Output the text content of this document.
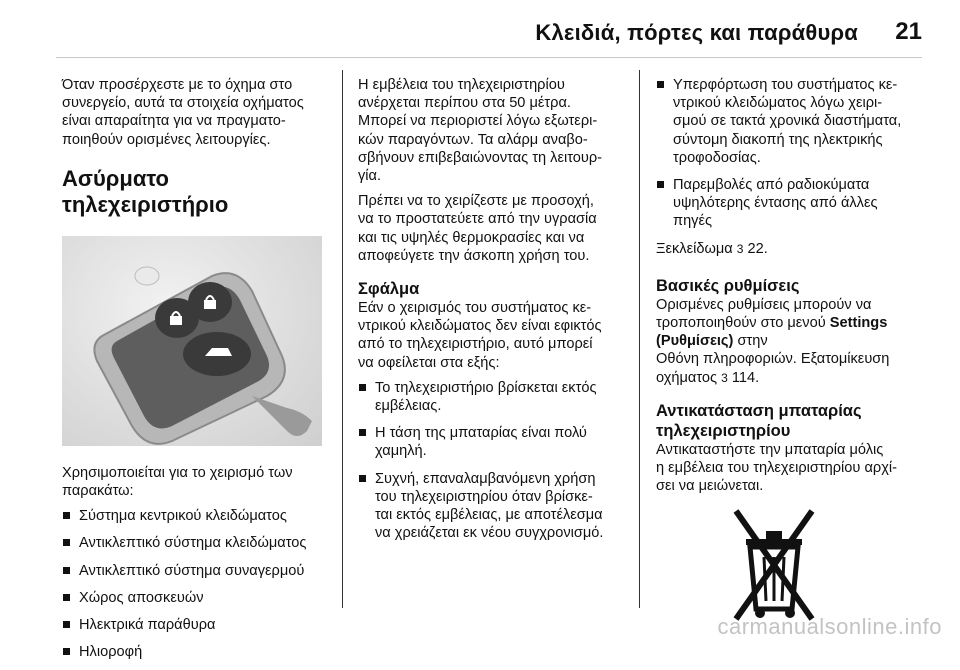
Κλειδιά, πόρτες και παράθυρα 21

Όταν προσέρχεστε με το όχημα στο

συνεργείο, αυτά τα στοιχεία οχήματος

είναι απαραίτητα για να πραγματο-

ποιηθούν ορισμένες λειτουργίες.

Ασύρματο τηλεχειριστήριο

Χρησιμοποιείται για το χειρισμό των

παρακάτω:

Σύστημα κεντρικού κλειδώματος

Αντικλεπτικό σύστημα κλειδώματος

Αντικλεπτικό σύστημα συναγερμού

Χώρος αποσκευών

Ηλεκτρικά παράθυρα

Ηλιοροφή

Η εμβέλεια του τηλεχειριστηρίου

ανέρχεται περίπου στα 50 μέτρα.

Μπορεί να περιοριστεί λόγω εξωτερι-

κών παραγόντων. Τα αλάρμ αναβο-

σβήνουν επιβεβαιώνοντας τη λειτουρ-

γία.

Πρέπει να το χειρίζεστε με προσοχή,

να το προστατεύετε από την υγρασία

και τις υψηλές θερμοκρασίες και να

αποφεύγετε την άσκοπη χρήση του.

Σφάλμα

Εάν ο χειρισμός του συστήματος κε-

ντρικού κλειδώματος δεν είναι εφικτός

από το τηλεχειριστήριο, αυτό μπορεί

να οφείλεται στα εξής:

Το τηλεχειριστήριο βρίσκεται εκτός

εμβέλειας.

Η τάση της μπαταρίας είναι πολύ

χαμηλή.

Συχνή, επαναλαμβανόμενη χρήση

του τηλεχειριστηρίου όταν βρίσκε-

ται εκτός εμβέλειας, με αποτέλεσμα

να χρειάζεται εκ νέου συγχρονισμό.

Υπερφόρτωση του συστήματος κε-

ντρικού κλειδώματος λόγω χειρι-

σμού σε τακτά χρονικά διαστήματα,

σύντομη διακοπή της ηλεκτρικής

τροφοδοσίας.

Παρεμβολές από ραδιοκύματα

υψηλότερης έντασης από άλλες

πηγές

Ξεκλείδωμα 3 22.

Βασικές ρυθμίσεις

Ορισμένες ρυθμίσεις μπορούν να

τροποποιηθούν στο μενού Settings

(Ρυθμίσεις) στην

Οθόνη πληροφοριών. Εξατομίκευση

οχήματος 3 114.

Αντικατάσταση μπαταρίας
τηλεχειριστηρίου

Αντικαταστήστε την μπαταρία μόλις

η εμβέλεια του τηλεχειριστηρίου αρχί-

σει να μειώνεται.

carmanualsonline.info
